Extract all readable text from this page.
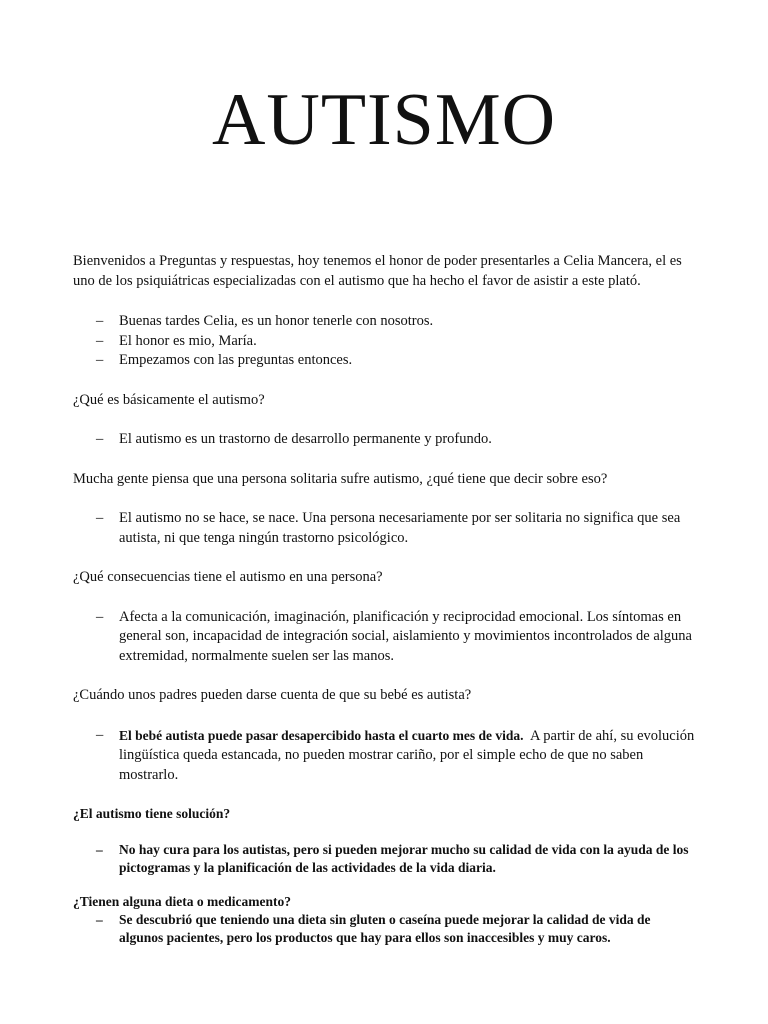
AUTISMO

Bienvenidos a Preguntas y respuestas, hoy tenemos el honor de poder presentarles a Celia Mancera, el es uno de los psiquiátricas especializadas con el autismo que ha hecho el favor de asistir a este plató.

– Buenas tardes Celia, es un honor tenerle con nosotros.
– El honor es mio, María.
– Empezamos con las preguntas entonces.

¿Qué es básicamente el autismo?

– El autismo es un trastorno de desarrollo permanente y profundo.

Mucha gente piensa que una persona solitaria sufre autismo, ¿qué tiene que decir sobre eso?

– El autismo no se hace, se nace. Una persona necesariamente por ser solitaria no significa que sea autista, ni que tenga ningún trastorno psicológico.

¿Qué consecuencias tiene el autismo en una persona?

– Afecta a la comunicación, imaginación, planificación y reciprocidad emocional. Los síntomas en general son, incapacidad de integración social, aislamiento y movimientos incontrolados de alguna extremidad, normalmente suelen ser las manos.

¿Cuándo unos padres pueden darse cuenta de que su bebé es autista?

– El bebé autista puede pasar desapercibido hasta el cuarto mes de vida.  A partir de ahí, su evolución lingüística queda estancada, no pueden mostrar cariño, por el simple echo de que no saben mostrarlo.

¿El autismo tiene solución?

– No hay cura para los autistas, pero si pueden mejorar mucho su calidad de vida con la ayuda de los pictogramas y la planificación de las actividades de la vida diaria.

¿Tienen alguna dieta o medicamento?

– Se descubrió que teniendo una dieta sin gluten o caseína puede mejorar la calidad de vida de algunos pacientes, pero los productos que hay para ellos son inaccesibles y muy caros.
